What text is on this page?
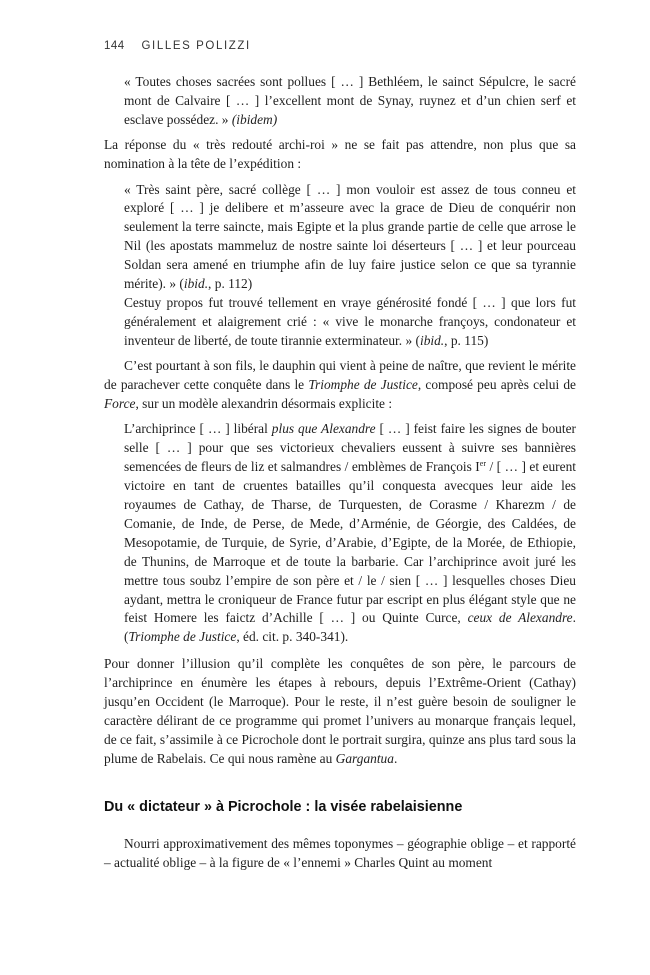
144 GILLES POLIZZI

« Toutes choses sacrées sont pollues [ … ] Bethléem, le sainct Sépulcre, le sacré mont de Calvaire [ … ] l’excellent mont de Synay, ruynez et d’un chien serf et esclave possédez. » (ibidem)

La réponse du « très redouté archi-roi » ne se fait pas attendre, non plus que sa nomination à la tête de l’expédition :

« Très saint père, sacré collège [ … ] mon vouloir est assez de tous conneu et exploré [ … ] je delibere et m’asseure avec la grace de Dieu de conquérir non seulement la terre saincte, mais Egipte et la plus grande partie de celle que arrose le Nil (les apostats mammeluz de nostre sainte loi déserteurs [ … ] et leur pourceau Soldan sera amené en triumphe afin de luy faire justice selon ce que sa tyrannie mérite). » (ibid., p. 112)

Cestuy propos fut trouvé tellement en vraye générosité fondé [ … ] que lors fut généralement et alaigrement crié : « vive le monarche françoys, condonateur et inventeur de liberté, de toute tirannie exterminateur. » (ibid., p. 115)

C’est pourtant à son fils, le dauphin qui vient à peine de naître, que revient le mérite de parachever cette conquête dans le Triomphe de Justice, composé peu après celui de Force, sur un modèle alexandrin désormais explicite :

L’archiprince [ … ] libéral plus que Alexandre [ … ] feist faire les signes de bouter selle [ … ] pour que ses victorieux chevaliers eussent à suivre ses bannières semencées de fleurs de liz et salmandres / emblèmes de François Ier / [ … ] et eurent victoire en tant de cruentes batailles qu’il conquesta avecques leur aide les royaumes de Cathay, de Tharse, de Turquesten, de Corasme / Kharezm / de Comanie, de Inde, de Perse, de Mede, d’Arménie, de Géorgie, des Caldées, de Mesopotamie, de Turquie, de Syrie, d’Arabie, d’Egipte, de la Morée, de Ethiopie, de Thunins, de Marroque et de toute la barbarie. Car l’archiprince avoit juré les mettre tous soubz l’empire de son père et / le / sien [ … ] lesquelles choses Dieu aydant, mettra le croniqueur de France futur par escript en plus élégant style que ne feist Homere les faictz d’Achille [ … ] ou Quinte Curce, ceux de Alexandre. (Triomphe de Justice, éd. cit. p. 340-341).

Pour donner l’illusion qu’il complète les conquêtes de son père, le parcours de l’archiprince en énumère les étapes à rebours, depuis l’Extrême-Orient (Cathay) jusqu’en Occident (le Marroque). Pour le reste, il n’est guère besoin de souligner le caractère délirant de ce programme qui promet l’univers au monarque français lequel, de ce fait, s’assimile à ce Picrochole dont le portrait surgira, quinze ans plus tard sous la plume de Rabelais. Ce qui nous ramène au Gargantua.

Du « dictateur » à Picrochole : la visée rabelaisienne

Nourri approximativement des mêmes toponymes – géographie oblige – et rapporté – actualité oblige – à la figure de « l’ennemi » Charles Quint au moment
